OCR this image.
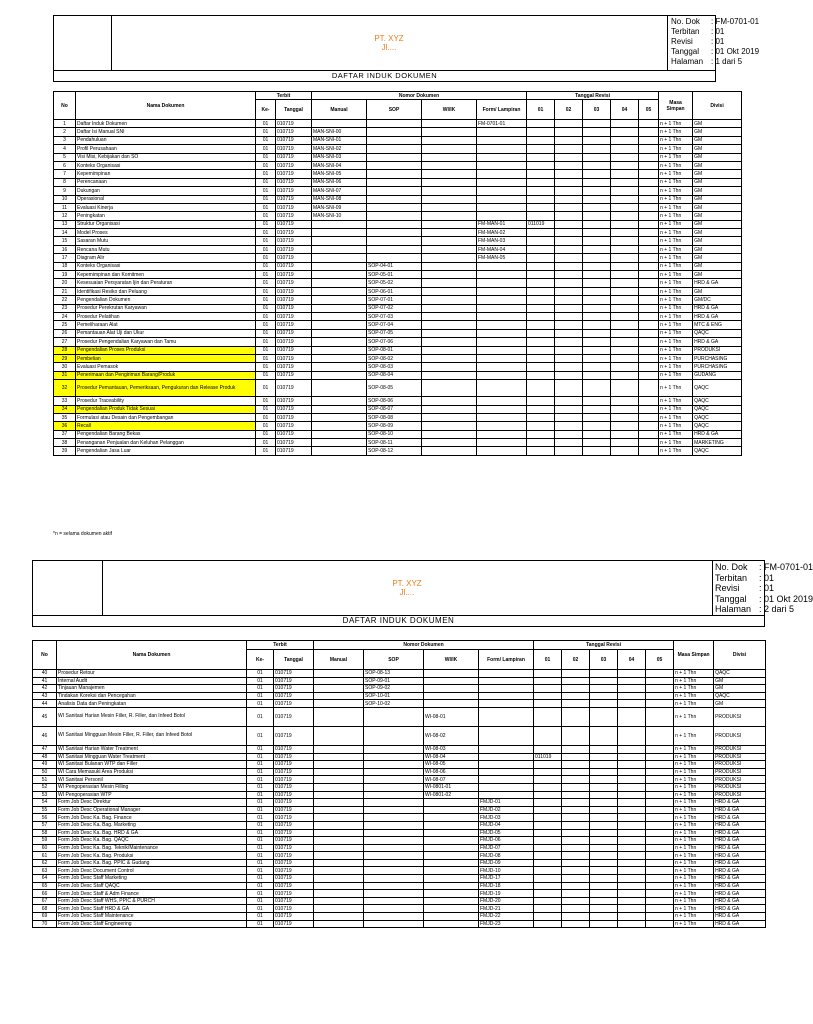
PT. XYZ
Jl....
No. Dok : FM-0701-01
Terbitan : 01
Revisi : 01
Tanggal : 01 Okt 2019
Halaman : 1 dari 5
DAFTAR INDUK DOKUMEN
No	Nama Dokumen	Terbit		Nomor Dokumen				Tanggal Revisi					Masa Simpan	Divisi
		Ke-	Tanggal	Manual	SOP	WI/IK	Form/ Lampiran	01	02	03	04	05		
1	Daftar Induk Dokumen	01	010719				FM-0701-01						n + 1 Thn	GM
2	Daftar Isi Manual SNI	01	010719	MAN-SNI-00									n + 1 Thn	GM
3	Pendahuluan	01	010719	MAN-SNI-01									n + 1 Thn	GM
4	Profil Perusahaan	01	010719	MAN-SNI-02									n + 1 Thn	GM
5	Visi Misi, Kebijakan dan SO	01	010719	MAN-SNI-03									n + 1 Thn	GM
6	Konteks Organisasi	01	010719	MAN-SNI-04									n + 1 Thn	GM
7	Kepemimpinan	01	010719	MAN-SNI-05									n + 1 Thn	GM
8	Perencanaan	01	010719	MAN-SNI-06									n + 1 Thn	GM
9	Dukungan	01	010719	MAN-SNI-07									n + 1 Thn	GM
10	Operasional	01	010719	MAN-SNI-08									n + 1 Thn	GM
11	Evaluasi Kinerja	01	010719	MAN-SNI-09									n + 1 Thn	GM
12	Peningkatan	01	010719	MAN-SNI-10									n + 1 Thn	GM
13	Struktur Organisasi	01	010719				FM-MAN-01	011019					n + 1 Thn	GM
14	Model Proses	01	010719				FM-MAN-02						n + 1 Thn	GM
15	Sasaran Mutu	01	010719				FM-MAN-03						n + 1 Thn	GM
16	Rencana Mutu	01	010719				FM-MAN-04						n + 1 Thn	GM
17	Diagram Alir	01	010719				FM-MAN-05						n + 1 Thn	GM
18	Konteks Organisasi	01	010719		SOP-04-01								n + 1 Thn	GM
19	Kepemimpinan dan Komitmen	01	010719		SOP-05-01								n + 1 Thn	GM
20	Kesesuaian Persyaratan Ijin dan Peraturan	01	010719		SOP-05-02								n + 1 Thn	HRD & GA
21	Identifikasi Resiko dan Peluang	01	010719		SOP-06-01								n + 1 Thn	GM
22	Pengendalian Dokumen	01	010719		SOP-07-01								n + 1 Thn	GM/DC
23	Prosedur Perekrutan Karyawan	01	010719		SOP-07-02								n + 1 Thn	HRD & GA
24	Prosedur Pelatihan	01	010719		SOP-07-03								n + 1 Thn	HRD & GA
25	Pemeliharaan Alat	01	010719		SOP-07-04								n + 1 Thn	MTC & ENG
26	Pemantauan Alat Uji dan Ukur	01	010719		SOP-07-05								n + 1 Thn	QAQC
27	Prosedur Pengendalian Karyawan dan Tamu	01	010719		SOP-07-06								n + 1 Thn	HRD & GA
28	Pengendalian Proses Produksi	01	010719		SOP-08-01								n + 1 Thn	PRODUKSI
29	Pembelian	01	010719		SOP-08-02								n + 1 Thn	PURCHASING
30	Evaluasi Pemasok	01	010719		SOP-08-03								n + 1 Thn	PURCHASING
31	Penerimaan dan Pengiriman Barang/Produk	01	010719		SOP-08-04								n + 1 Thn	GUDANG
32	Prosedur Pemantauan, Pemeriksaan, Pengukuran dan Release Produk	01	010719		SOP-08-05								n + 1 Thn	QAQC
33	Prosedur Traceability	01	010719		SOP-08-06								n + 1 Thn	QAQC
34	Pengendalian Produk Tidak Sesuai	01	010719		SOP-08-07								n + 1 Thn	QAQC
35	Formulasi atau Desain dan Pengembangan	01	010719		SOP-08-08								n + 1 Thn	QAQC
36	Recall	01	010719		SOP-08-09								n + 1 Thn	QAQC
37	Pengendalian Barang Bekas	01	010719		SOP-08-10								n + 1 Thn	HRD & GA
38	Penanganan Penjualan dan Keluhan Pelanggan	01	010719		SOP-08-11								n + 1 Thn	MARKETING
39	Pengendalian Jasa Luar	01	010719		SOP-08-12								n + 1 Thn	QAQC
*n = selama dokumen aktif
PT. XYZ
Jl....
No. Dok : FM-0701-01
Terbitan : 01
Revisi : 01
Tanggal : 01 Okt 2019
Halaman : 2 dari 5
DAFTAR INDUK DOKUMEN
No	Nama Dokumen	Terbit		Nomor Dokumen				Tanggal Revisi					Masa Simpan	Divisi
		Ke-	Tanggal	Manual	SOP	WI/IK	Form/ Lampiran	01	02	03	04	05		
40	Prosedur Retour	01	010719		SOP-08-13								n + 1 Thn	QAQC
41	Internal Audit	01	010719		SOP-09-01								n + 1 Thn	GM
42	Tinjauan Manajemen	01	010719		SOP-09-02								n + 1 Thn	GM
43	Tindakan Koreksi dan Pencegahan	01	010719		SOP-10-01								n + 1 Thn	QAQC
44	Analisis Data dan Peningkatan	01	010719		SOP-10-02								n + 1 Thn	GM
45	WI Sanitasi Harian Mesin Filler, R. Filler, dan Infeed Botol	01	010719			WI-08-01							n + 1 Thn	PRODUKSI
46	WI Sanitasi Mingguan Mesin Filler, R. Filler, dan Infeed Botol	01	010719			WI-08-02							n + 1 Thn	PRODUKSI
47	WI Sanitasi Harian Water Treatment	01	010719			WI-08-03							n + 1 Thn	PRODUKSI
48	WI Sanitasi Mingguan Water Treatment	01	010719			WI-08-04		011019					n + 1 Thn	PRODUKSI
49	WI Sanitasi Bulanan WTP dan Filler	01	010719			WI-08-05							n + 1 Thn	PRODUKSI
50	WI Cara Memasuki Area Produksi	01	010719			WI-08-06							n + 1 Thn	PRODUKSI
51	WI Sanitasi Personil	01	010719			WI-08-07							n + 1 Thn	PRODUKSI
52	WI Pengoperasian Mesin Filling	01	010719			WI-0801-01							n + 1 Thn	PRODUKSI
53	WI Pengoperasian WTP	01	010719			WI-0801-02							n + 1 Thn	PRODUKSI
54	Form Job Desc Direktur	01	010719				FMJD-01						n + 1 Thn	HRD & GA
55	Form Job Desc Operational Manager	01	010719				FMJD-02						n + 1 Thn	HRD & GA
56	Form Job Desc Ka. Bag. Finance	01	010719				FMJD-03						n + 1 Thn	HRD & GA
57	Form Job Desc Ka. Bag. Marketing	01	010719				FMJD-04						n + 1 Thn	HRD & GA
58	Form Job Desc Ka. Bag. HRD & GA	01	010719				FMJD-05						n + 1 Thn	HRD & GA
59	Form Job Desc Ka. Bag. QAQC	01	010719				FMJD-06						n + 1 Thn	HRD & GA
60	Form Job Desc Ka. Bag. Teknik/Maintenance	01	010719				FMJD-07						n + 1 Thn	HRD & GA
61	Form Job Desc Ka. Bag. Produksi	01	010719				FMJD-08						n + 1 Thn	HRD & GA
62	Form Job Desc Ka. Bag. PPIC & Gudang	01	010719				FMJD-09						n + 1 Thn	HRD & GA
63	Form Job Desc Document Control	01	010719				FMJD-10						n + 1 Thn	HRD & GA
64	Form Job Desc Staff Marketing	01	010719				FMJD-17						n + 1 Thn	HRD & GA
65	Form Job Desc Staff QAQC	01	010719				FMJD-18						n + 1 Thn	HRD & GA
66	Form Job Desc Staff & Adm Finance	01	010719				FMJD-19						n + 1 Thn	HRD & GA
67	Form Job Desc Staff WHS, PPIC & PURCH	01	010719				FMJD-20						n + 1 Thn	HRD & GA
68	Form Job Desc Staff HRD & GA	01	010719				FMJD-21						n + 1 Thn	HRD & GA
69	Form Job Desc Staff Maintenance	01	010719				FMJD-22						n + 1 Thn	HRD & GA
70	Form Job Desc Staff Engineering	01	010719				FMJD-23						n + 1 Thn	HRD & GA
